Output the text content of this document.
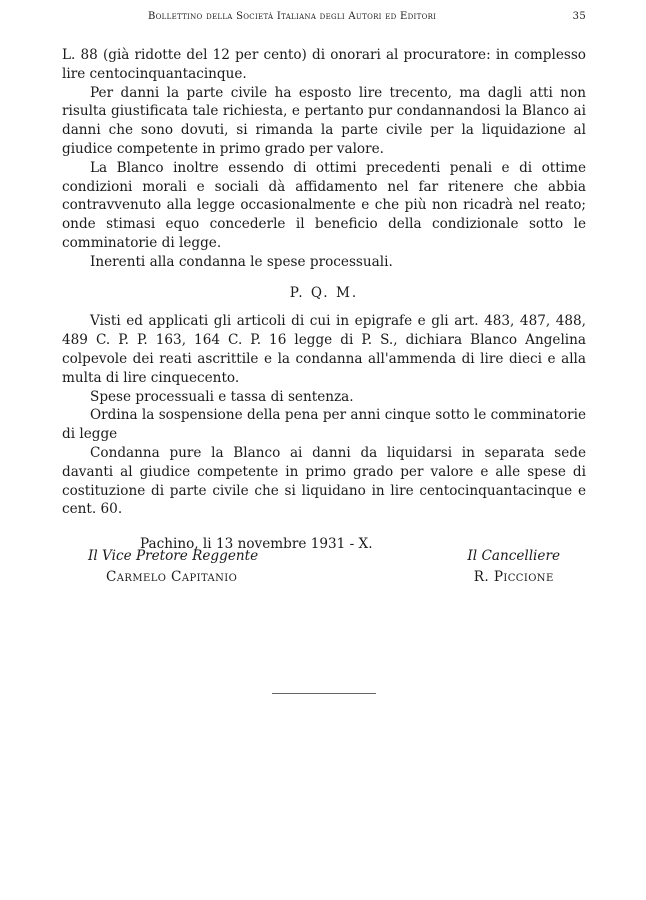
Bollettino della Società Italiana degli Autori ed Editori	35

L. 88 (già ridotte del 12 per cento) di onorari al procuratore: in complesso lire centocinquantacinque.

Per danni la parte civile ha esposto lire trecento, ma dagli atti non risulta giustificata tale richiesta, e pertanto pur condannandosi la Blanco ai danni che sono dovuti, si rimanda la parte civile per la liquidazione al giudice competente in primo grado per valore.

La Blanco inoltre essendo di ottimi precedenti penali e di ottime condizioni morali e sociali dà affidamento nel far ritenere che abbia contravvenuto alla legge occasionalmente e che più non ricadrà nel reato; onde stimasi equo concederle il beneficio della condizionale sotto le comminatorie di legge.

Inerenti alla condanna le spese processuali.

P. Q. M.

Visti ed applicati gli articoli di cui in epigrafe e gli art. 483, 487, 488, 489 C. P. P. 163, 164 C. P. 16 legge di P. S., dichiara Blanco Angelina colpevole dei reati ascrittile e la condanna all'ammenda di lire dieci e alla multa di lire cinquecento.

Spese processuali e tassa di sentenza.

Ordina la sospensione della pena per anni cinque sotto le comminatorie di legge

Condanna pure la Blanco ai danni da liquidarsi in separata sede davanti al giudice competente in primo grado per valore e alle spese di costituzione di parte civile che si liquidano in lire centocinquantacinque e cent. 60.

Pachino, li 13 novembre 1931 - X.

Il Vice Pretore Reggente
Carmelo Capitanio
Il Cancelliere
R. Piccione
